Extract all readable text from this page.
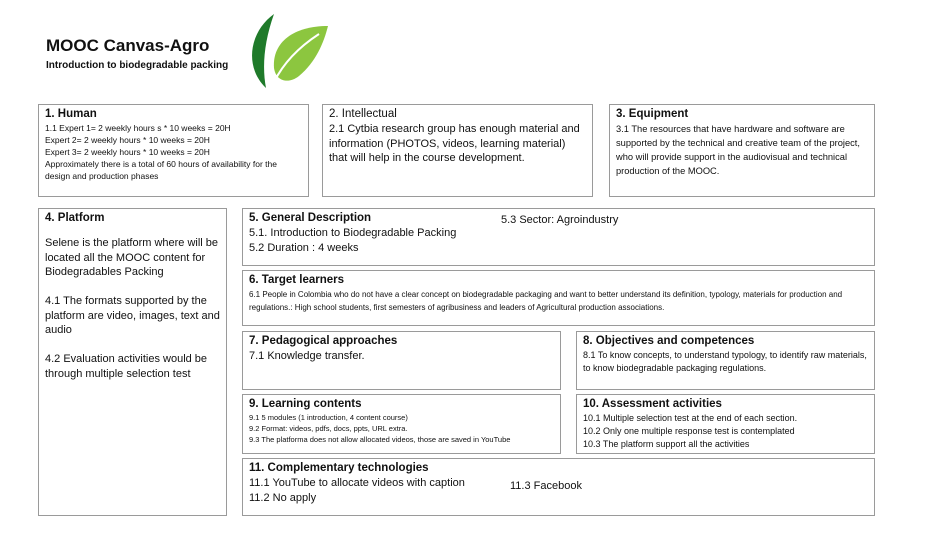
MOOC Canvas-Agro
Introduction to biodegradable packing
1. Human

1.1 Expert 1= 2 weekly hours s * 10 weeks = 20H

Expert 2= 2 weekly hours * 10 weeks = 20H

Expert 3= 2 weekly hours * 10 weeks = 20H

Approximately there is a total of 60 hours of availability for the design and production phases

2. Intellectual
2.1 Cytbia research group has enough material and information (PHOTOS, videos, learning material) that will help in the course development.
3. Equipment
3.1 The resources that have hardware and software are supported by the technical and creative team of the project, who will provide support in the audiovisual and technical production of the MOOC.
4. Platform

Selene is the platform where will be located all the MOOC content for Biodegradables Packing

4.1 The formats supported by the platform are video, images, text and audio

4.2 Evaluation activities would be through multiple selection test

5. General Description	5.3 Sector: Agroindustry

5.1. Introduction to Biodegradable Packing

5.2 Duration : 4 weeks

6. Target learners
6.1 People in Colombia who do not have a clear concept on biodegradable packaging and want to better understand its definition, typology, materials for production and regulations.: High school students, first semesters of agribusiness and leaders of Agricultural production associations.
7. Pedagogical approaches
7.1 Knowledge transfer.
8. Objectives and competences
8.1 To know concepts, to understand typology, to identify raw materials, to know biodegradable packaging regulations.
9. Learning contents

9.1 5 modules (1 introduction, 4 content course)

9.2 Format: videos, pdfs, docs, ppts, URL extra.

9.3 The platforma does not allow allocated videos, those are saved in YouTube

10. Assessment activities

10.1 Multiple selection test at the end of each section.

10.2 Only one multiple response test is contemplated

10.3 The platform support all the activities

11. Complementary technologies

11.1 YouTube to allocate videos with caption

11.2 No apply

11.3 Facebook
